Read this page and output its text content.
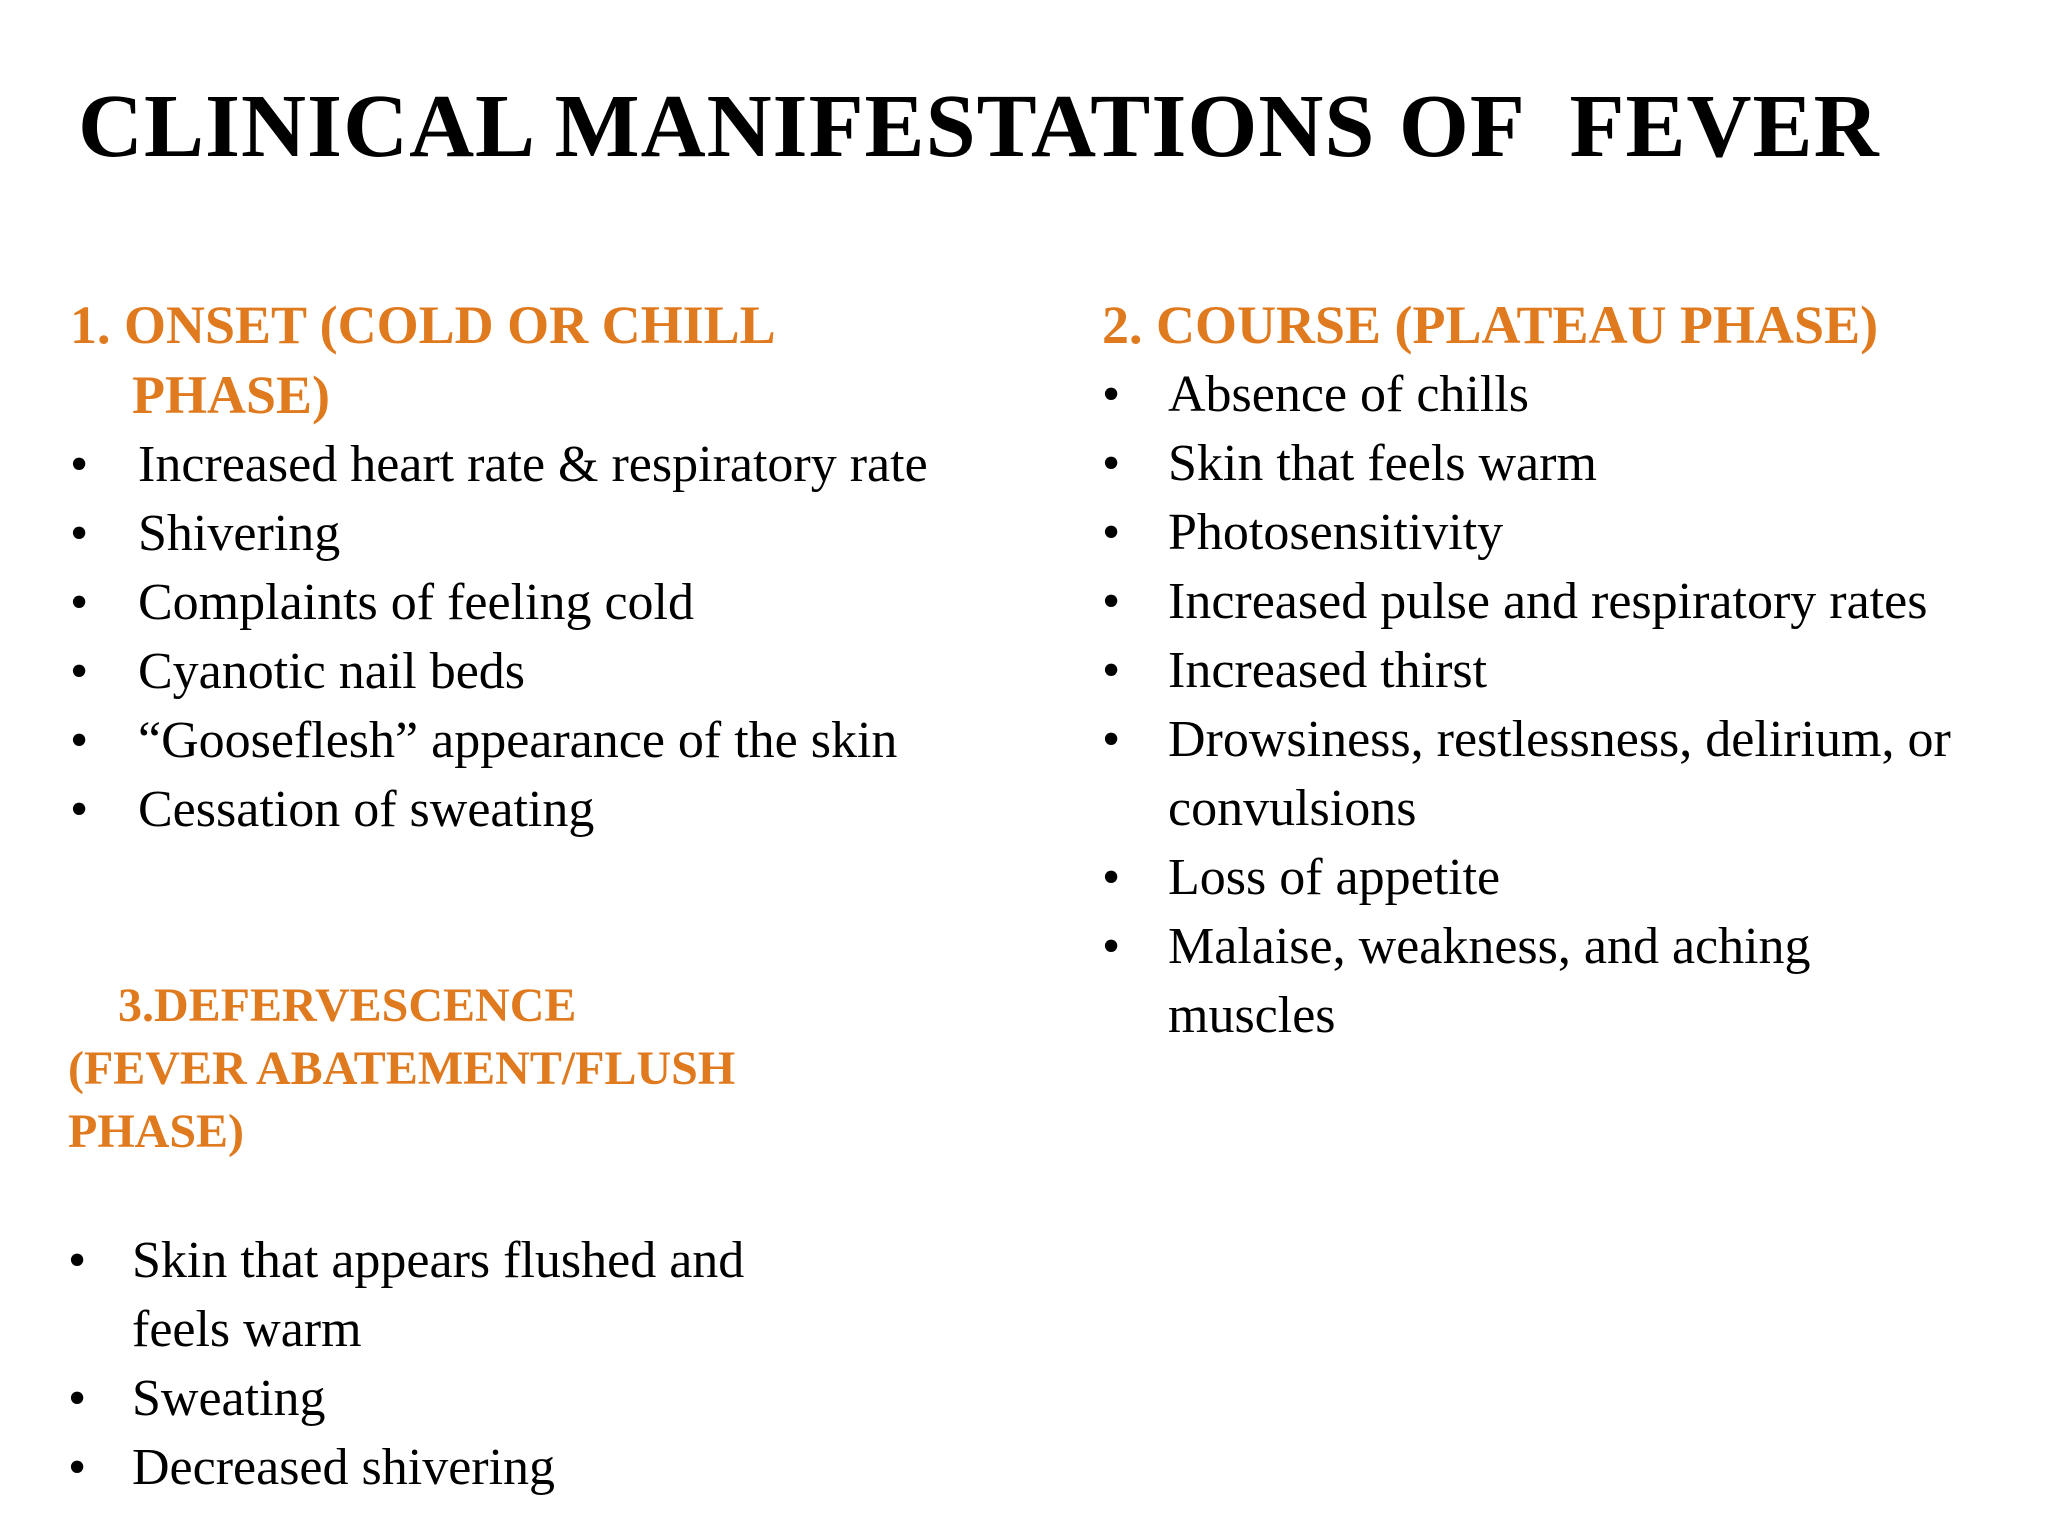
CLINICAL MANIFESTATIONS OF  FEVER
1. ONSET (COLD OR CHILL
PHASE)
• Increased heart rate & respiratory rate
• Shivering
• Complaints of feeling cold
• Cyanotic nail beds
• “Gooseflesh” appearance of the skin
• Cessation of sweating
2. COURSE (PLATEAU PHASE)
• Absence of chills
• Skin that feels warm
• Photosensitivity
• Increased pulse and respiratory rates
• Increased thirst
• Drowsiness, restlessness, delirium, or convulsions
• Loss of appetite
• Malaise, weakness, and aching muscles
3.DEFERVESCENCE
(FEVER ABATEMENT/FLUSH
PHASE)
• Skin that appears flushed and feels warm
• Sweating
• Decreased shivering
